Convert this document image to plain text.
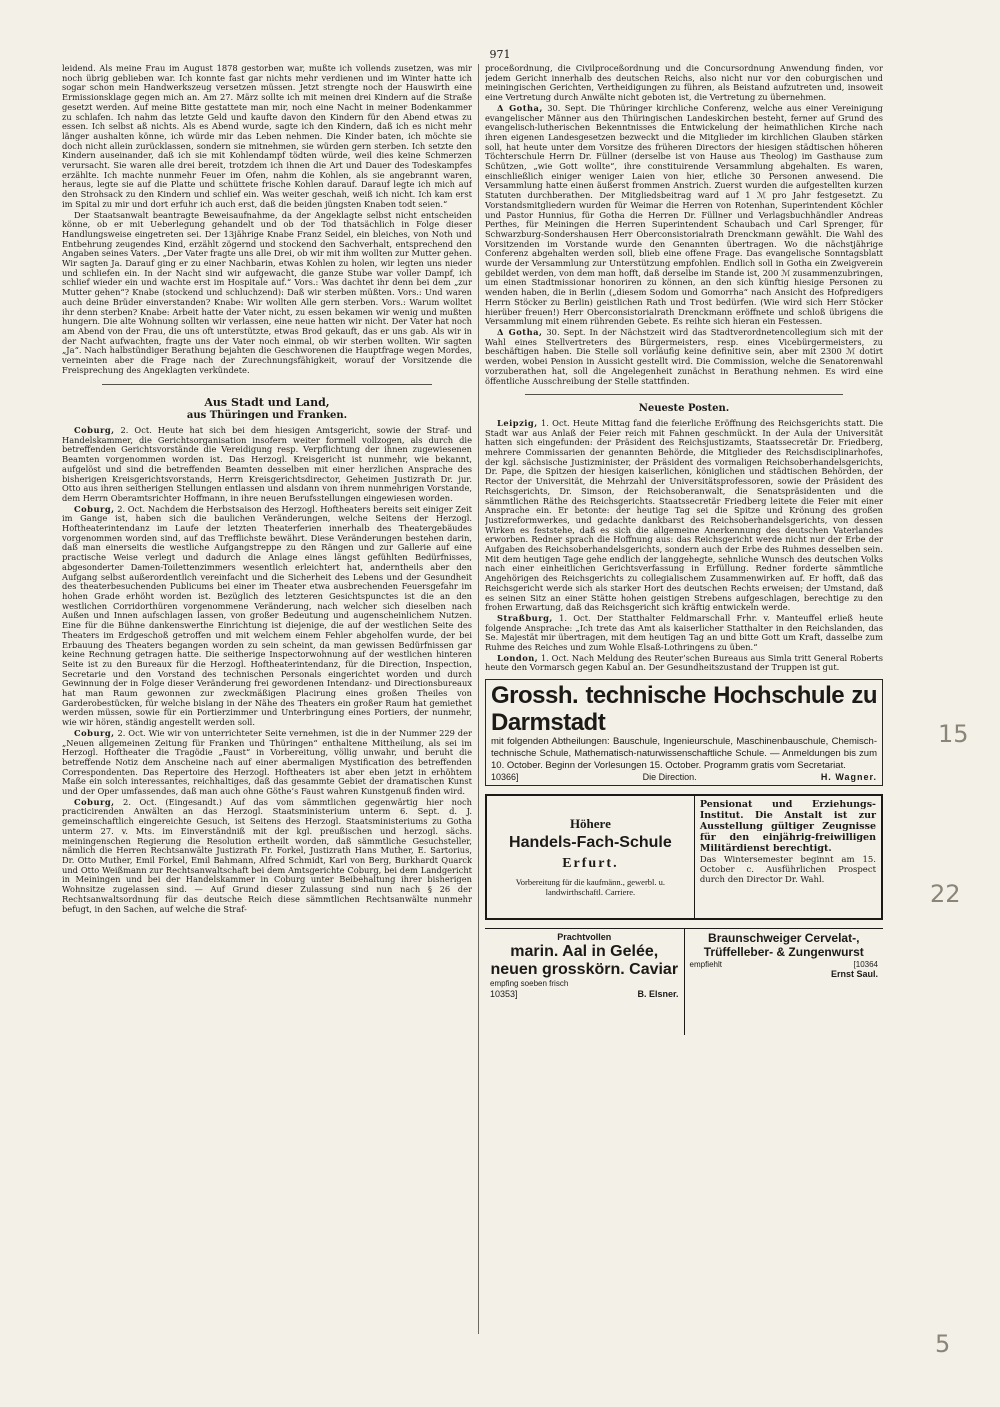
971

leidend. Als meine Frau im August 1878 gestorben war, mußte ich vollends zusetzen, was mir noch übrig geblieben war. Ich konnte fast gar nichts mehr verdienen und im Winter hatte ich sogar schon mein Handwerkszeug versetzen müssen. Jetzt strengte noch der Hauswirth eine Ermissionsklage gegen mich an. Am 27. März sollte ich mit meinen drei Kindern auf die Straße gesetzt werden. Auf meine Bitte gestattete man mir, noch eine Nacht in meiner Bodenkammer zu schlafen. Ich nahm das letzte Geld und kaufte davon den Kindern für den Abend etwas zu essen. Ich selbst aß nichts. Als es Abend wurde, sagte ich den Kindern, daß ich es nicht mehr länger aushalten könne, ich würde mir das Leben nehmen. Die Kinder baten, ich möchte sie doch nicht allein zurücklassen, sondern sie mitnehmen, sie würden gern sterben. Ich setzte den Kindern auseinander, daß ich sie mit Kohlendampf tödten würde, weil dies keine Schmerzen verursacht. Sie waren alle drei bereit, trotzdem ich ihnen die Art und Dauer des Todeskampfes erzählte. Ich machte nunmehr Feuer im Ofen, nahm die Kohlen, als sie angebrannt waren, heraus, legte sie auf die Platte und schüttete frische Kohlen darauf. Darauf legte ich mich auf den Strohsack zu den Kindern und schlief ein. Was weiter geschah, weiß ich nicht. Ich kam erst im Spital zu mir und dort erfuhr ich auch erst, daß die beiden jüngsten Knaben todt seien.“

Der Staatsanwalt beantragte Beweisaufnahme, da der Angeklagte selbst nicht entscheiden könne, ob er mit Ueberlegung gehandelt und ob der Tod thatsächlich in Folge dieser Handlungsweise eingetreten sei. Der 13jährige Knabe Franz Seidel, ein bleiches, von Noth und Entbehrung zeugendes Kind, erzählt zögernd und stockend den Sachverhalt, entsprechend den Angaben seines Vaters. „Der Vater fragte uns alle Drei, ob wir mit ihm wollten zur Mutter gehen. Wir sagten Ja. Darauf ging er zu einer Nachbarin, etwas Kohlen zu holen, wir legten uns nieder und schliefen ein. In der Nacht sind wir aufgewacht, die ganze Stube war voller Dampf, ich schlief wieder ein und wachte erst im Hospitale auf.“ Vors.: Was dachtet ihr denn bei dem „zur Mutter gehen“? Knabe (stockend und schluchzend): Daß wir sterben müßten. Vors.: Und waren auch deine Brüder einverstanden? Knabe: Wir wollten Alle gern sterben. Vors.: Warum wolltet ihr denn sterben? Knabe: Arbeit hatte der Vater nicht, zu essen bekamen wir wenig und mußten hungern. Die alte Wohnung sollten wir verlassen, eine neue hatten wir nicht. Der Vater hat noch am Abend von der Frau, die uns oft unterstützte, etwas Brod gekauft, das er uns gab. Als wir in der Nacht aufwachten, fragte uns der Vater noch einmal, ob wir sterben wollten. Wir sagten „Ja“. Nach halbstündiger Berathung bejahten die Geschworenen die Hauptfrage wegen Mordes, verneinten aber die Frage nach der Zurechnungsfähigkeit, worauf der Vorsitzende die Freisprechung des Angeklagten verkündete.

Aus Stadt und Land,
aus Thüringen und Franken.

Coburg, 2. Oct. Heute hat sich bei dem hiesigen Amtsgericht, sowie der Straf- und Handelskammer, die Gerichtsorganisation insofern weiter formell vollzogen, als durch die betreffenden Gerichtsvorstände die Vereidigung resp. Verpflichtung der ihnen zugewiesenen Beamten vorgenommen worden ist. Das Herzogl. Kreisgericht ist nunmehr, wie bekannt, aufgelöst und sind die betreffenden Beamten desselben mit einer herzlichen Ansprache des bisherigen Kreisgerichtsvorstands, Herrn Kreisgerichtsdirector, Geheimen Justizrath Dr. jur. Otto aus ihren seitherigen Stellungen entlassen und alsdann von ihrem nunmehrigen Vorstande, dem Herrn Oberamtsrichter Hoffmann, in ihre neuen Berufsstellungen eingewiesen worden.

Coburg, 2. Oct. Nachdem die Herbstsaison des Herzogl. Hoftheaters bereits seit einiger Zeit im Gange ist, haben sich die baulichen Veränderungen, welche Seitens der Herzogl. Hoftheaterintendanz im Laufe der letzten Theaterferien innerhalb des Theatergebäudes vorgenommen worden sind, auf das Trefflichste bewährt. Diese Veränderungen bestehen darin, daß man einerseits die westliche Aufgangstreppe zu den Rängen und zur Gallerie auf eine practische Weise verlegt und dadurch die Anlage eines längst gefühlten Bedürfnisses, abgesonderter Damen-Toilettenzimmers wesentlich erleichtert hat, anderntheils aber den Aufgang selbst außerordentlich vereinfacht und die Sicherheit des Lebens und der Gesundheit des theaterbesuchenden Publicums bei einer im Theater etwa ausbrechenden Feuersgefahr im hohen Grade erhöht worden ist. Bezüglich des letzteren Gesichtspunctes ist die an den westlichen Corridorthüren vorgenommene Veränderung, nach welcher sich dieselben nach Außen und Innen aufschlagen lassen, von großer Bedeutung und augenscheinlichem Nutzen. Eine für die Bühne dankenswerthe Einrichtung ist diejenige, die auf der westlichen Seite des Theaters im Erdgeschoß getroffen und mit welchem einem Fehler abgeholfen wurde, der bei Erbauung des Theaters begangen worden zu sein scheint, da man gewissen Bedürfnissen gar keine Rechnung getragen hatte. Die seitherige Inspectorwohnung auf der westlichen hinteren Seite ist zu den Bureaux für die Herzogl. Hoftheaterintendanz, für die Direction, Inspection, Secretarie und den Vorstand des technischen Personals eingerichtet worden und durch Gewinnung der in Folge dieser Veränderung frei gewordenen Intendanz- und Directionsbureaux hat man Raum gewonnen zur zweckmäßigen Placirung eines großen Theiles von Garderobestücken, für welche bislang in der Nähe des Theaters ein großer Raum hat gemiethet werden müssen, sowie für ein Portierzimmer und Unterbringung eines Portiers, der nunmehr, wie wir hören, ständig angestellt werden soll.

Coburg, 2. Oct. Wie wir von unterrichteter Seite vernehmen, ist die in der Nummer 229 der „Neuen allgemeinen Zeitung für Franken und Thüringen“ enthaltene Mittheilung, als sei im Herzogl. Hoftheater die Tragödie „Faust“ in Vorbereitung, völlig unwahr, und beruht die betreffende Notiz dem Anscheine nach auf einer abermaligen Mystification des betreffenden Correspondenten. Das Repertoire des Herzogl. Hoftheaters ist aber eben jetzt in erhöhtem Maße ein solch interessantes, reichhaltiges, daß das gesammte Gebiet der dramatischen Kunst und der Oper umfassendes, daß man auch ohne Göthe’s Faust wahren Kunstgenuß finden wird.

Coburg, 2. Oct. (Eingesandt.) Auf das vom sämmtlichen gegenwärtig hier noch practicirenden Anwälten an das Herzogl. Staatsministerium unterm 6. Sept. d. J. gemeinschaftlich eingereichte Gesuch, ist Seitens des Herzogl. Staatsministeriums zu Gotha unterm 27. v. Mts. im Einverständniß mit der kgl. preußischen und herzogl. sächs. meiningenschen Regierung die Resolution ertheilt worden, daß sämmtliche Gesuchsteller, nämlich die Herren Rechtsanwälte Justizrath Fr. Forkel, Justizrath Hans Muther, E. Sartorius, Dr. Otto Muther, Emil Forkel, Emil Bahmann, Alfred Schmidt, Karl von Berg, Burkhardt Quarck und Otto Weißmann zur Rechtsanwaltschaft bei dem Amtsgerichte Coburg, bei dem Landgericht in Meiningen und bei der Handelskammer in Coburg unter Beibehaltung ihrer bisherigen Wohnsitze zugelassen sind. — Auf Grund dieser Zulassung sind nun nach § 26 der Rechtsanwaltsordnung für das deutsche Reich diese sämmtlichen Rechtsanwälte nunmehr befugt, in den Sachen, auf welche die Straf-

proceßordnung, die Civilproceßordnung und die Concursordnung Anwendung finden, vor jedem Gericht innerhalb des deutschen Reichs, also nicht nur vor den coburgischen und meiningischen Gerichten, Vertheidigungen zu führen, als Beistand aufzutreten und, insoweit eine Vertretung durch Anwälte nicht geboten ist, die Vertretung zu übernehmen.

Δ Gotha, 30. Sept. Die Thüringer kirchliche Conferenz, welche aus einer Vereinigung evangelischer Männer aus den Thüringischen Landeskirchen besteht, ferner auf Grund des evangelisch-lutherischen Bekenntnisses die Entwickelung der heimathlichen Kirche nach ihren eigenen Landesgesetzen bezweckt und die Mitglieder im kirchlichen Glauben stärken soll, hat heute unter dem Vorsitze des früheren Directors der hiesigen städtischen höheren Töchterschule Herrn Dr. Füllner (derselbe ist von Hause aus Theolog) im Gasthause zum Schützen, „wie Gott wollte“, ihre constituirende Versammlung abgehalten. Es waren, einschließlich einiger weniger Laien von hier, etliche 30 Personen anwesend. Die Versammlung hatte einen äußerst frommen Anstrich. Zuerst wurden die aufgestellten kurzen Statuten durchberathen. Der Mitgliedsbeitrag ward auf 1 ℳ pro Jahr festgesetzt. Zu Vorstandsmitgliedern wurden für Weimar die Herren von Rotenhan, Superintendent Köchler und Pastor Hunnius, für Gotha die Herren Dr. Füllner und Verlagsbuchhändler Andreas Perthes, für Meiningen die Herren Superintendent Schaubach und Carl Sprenger, für Schwarzburg-Sondershausen Herr Oberconsistorialrath Drenckmann gewählt. Die Wahl des Vorsitzenden im Vorstande wurde den Genannten übertragen. Wo die nächstjährige Conferenz abgehalten werden soll, blieb eine offene Frage. Das evangelische Sonntagsblatt wurde der Versammlung zur Unterstützung empfohlen. Endlich soll in Gotha ein Zweigverein gebildet werden, von dem man hofft, daß derselbe im Stande ist, 200 ℳ zusammenzubringen, um einen Stadtmissionar honoriren zu können, an den sich künftig hiesige Personen zu wenden haben, die in Berlin („diesem Sodom und Gomorrha“ nach Ansicht des Hofpredigers Herrn Stöcker zu Berlin) geistlichen Rath und Trost bedürfen. (Wie wird sich Herr Stöcker hierüber freuen!) Herr Oberconsistorialrath Drenckmann eröffnete und schloß übrigens die Versammlung mit einem rührenden Gebete. Es reihte sich hieran ein Festessen.

Δ Gotha, 30. Sept. In der Nächstzeit wird das Stadtverordnetencollegium sich mit der Wahl eines Stellvertreters des Bürgermeisters, resp. eines Vicebürgermeisters, zu beschäftigen haben. Die Stelle soll vorläufig keine definitive sein, aber mit 2300 ℳ dotirt werden, wobei Pension in Aussicht gestellt wird. Die Commission, welche die Senatorenwahl vorzuberathen hat, soll die Angelegenheit zunächst in Berathung nehmen. Es wird eine öffentliche Ausschreibung der Stelle stattfinden.

Neueste Posten.

Leipzig, 1. Oct. Heute Mittag fand die feierliche Eröffnung des Reichsgerichts statt. Die Stadt war aus Anlaß der Feier reich mit Fahnen geschmückt. In der Aula der Universität hatten sich eingefunden: der Präsident des Reichsjustizamts, Staatssecretär Dr. Friedberg, mehrere Commissarien der genannten Behörde, die Mitglieder des Reichsdisciplinarhofes, der kgl. sächsische Justizminister, der Präsident des vormaligen Reichsoberhandelsgerichts, Dr. Pape, die Spitzen der hiesigen kaiserlichen, königlichen und städtischen Behörden, der Rector der Universität, die Mehrzahl der Universitätsprofessoren, sowie der Präsident des Reichsgerichts, Dr. Simson, der Reichsoberanwalt, die Senatspräsidenten und die sämmtlichen Räthe des Reichsgerichts. Staatssecretär Friedberg leitete die Feier mit einer Ansprache ein. Er betonte: der heutige Tag sei die Spitze und Krönung des großen Justizreformwerkes, und gedachte dankbarst des Reichsoberhandelsgerichts, von dessen Wirken es feststehe, daß es sich die allgemeine Anerkennung des deutschen Vaterlandes erworben. Redner sprach die Hoffnung aus: das Reichsgericht werde nicht nur der Erbe der Aufgaben des Reichsoberhandelsgerichts, sondern auch der Erbe des Ruhmes desselben sein. Mit dem heutigen Tage gehe endlich der langgehegte, sehnliche Wunsch des deutschen Volks nach einer einheitlichen Gerichtsverfassung in Erfüllung. Redner forderte sämmtliche Angehörigen des Reichsgerichts zu collegialischem Zusammenwirken auf. Er hofft, daß das Reichsgericht werde sich als starker Hort des deutschen Rechts erweisen; der Umstand, daß es seinen Sitz an einer Stätte hohen geistigen Strebens aufgeschlagen, berechtige zu den frohen Erwartung, daß das Reichsgericht sich kräftig entwickeln werde.

Straßburg, 1. Oct. Der Statthalter Feldmarschall Frhr. v. Manteuffel erließ heute folgende Ansprache: „Ich trete das Amt als kaiserlicher Statthalter in den Reichslanden, das Se. Majestät mir übertragen, mit dem heutigen Tag an und bitte Gott um Kraft, dasselbe zum Ruhme des Reiches und zum Wohle Elsaß-Lothringens zu üben.“

London, 1. Oct. Nach Meldung des Reuter’schen Bureaus aus Simla tritt General Roberts heute den Vormarsch gegen Kabul an. Der Gesundheitszustand der Truppen ist gut.

Grossh. technische Hochschule zu Darmstadt
mit folgenden Abtheilungen: Bauschule, Ingenieurschule, Maschinenbauschule, Chemisch-technische Schule, Mathematisch-naturwissenschaftliche Schule. — Anmeldungen bis zum 10. October. Beginn der Vorlesungen 15. October. Programm gratis vom Secretariat.
10366]	Die Direction.	H. Wagner.
Höhere
Handels-Fach-Schule
Erfurt.
Vorbereitung für die kaufmänn., gewerbl. u. landwirthschaftl. Carriere.
Pensionat und Erziehungs-Institut. Die Anstalt ist zur Ausstellung gültiger Zeugnisse für den einjährig-freiwilligen Militärdienst berechtigt.
Das Wintersemester beginnt am 15. October c. Ausführlichen Prospect durch den Director Dr. Wahl.
Prachtvollen
marin. Aal in Gelée, neuen grosskörn. Caviar
empfing soeben frisch
10353]	B. Elsner.
Braunschweiger Cervelat-, Trüffelleber- & Zungenwurst
empfiehlt	[10364
Ernst Saul.
15
22
5
